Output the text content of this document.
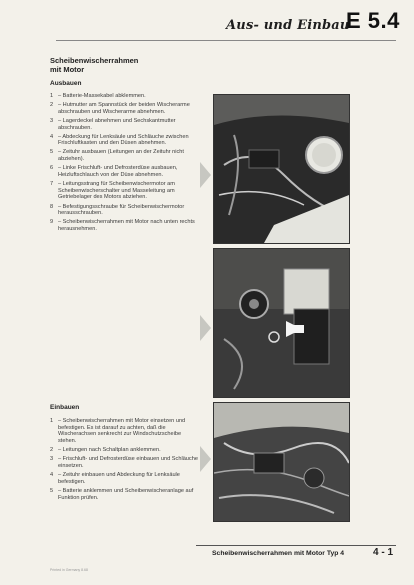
Aus- und Einbau
E 5.4
Scheibenwischerrahmen
mit Motor
Ausbauen
1 – Batterie-Massekabel abklemmen.
2 – Hutmutter am Spannstück der beiden Wischerarme abschrauben und Wischerarme abnehmen.
3 – Lagerdeckel abnehmen und Sechskantmutter abschrauben.
4 – Abdeckung für Lenksäule und Schläuche zwischen Frischluftkasten und den Düsen abnehmen.
5 – Zeituhr ausbauen (Leitungen an der Zeituhr nicht abziehen).
6 – Linke Frischluft- und Defrosterdüse ausbauen, Heizluftschlauch von der Düse abnehmen.
7 – Leitungsstrang für Scheibenwischermotor am Scheibenwischerschalter und Masseleitung am Getriebelager des Motors abziehen.
8 – Befestigungsschraube für Scheibenwischermotor herausschrauben.
9 – Scheibenwischerrahmen mit Motor nach unten rechts herausnehmen.
Einbauen
1 – Scheibenwischerrahmen mit Motor einsetzen und befestigen. Es ist darauf zu achten, daß die Wischerachsen senkrecht zur Windschutzscheibe stehen.
2 – Leitungen nach Schaltplan anklemmen.
3 – Frischluft- und Defrosterdüse einbauen und Schläuche einsetzen.
4 – Zeituhr einbauen und Abdeckung für Lenksäule befestigen.
5 – Batterie anklemmen und Scheibenwischeranlage auf Funktion prüfen.
Scheibenwischerrahmen mit Motor Typ 4	4 - 1
Printed in Germany 8.68
